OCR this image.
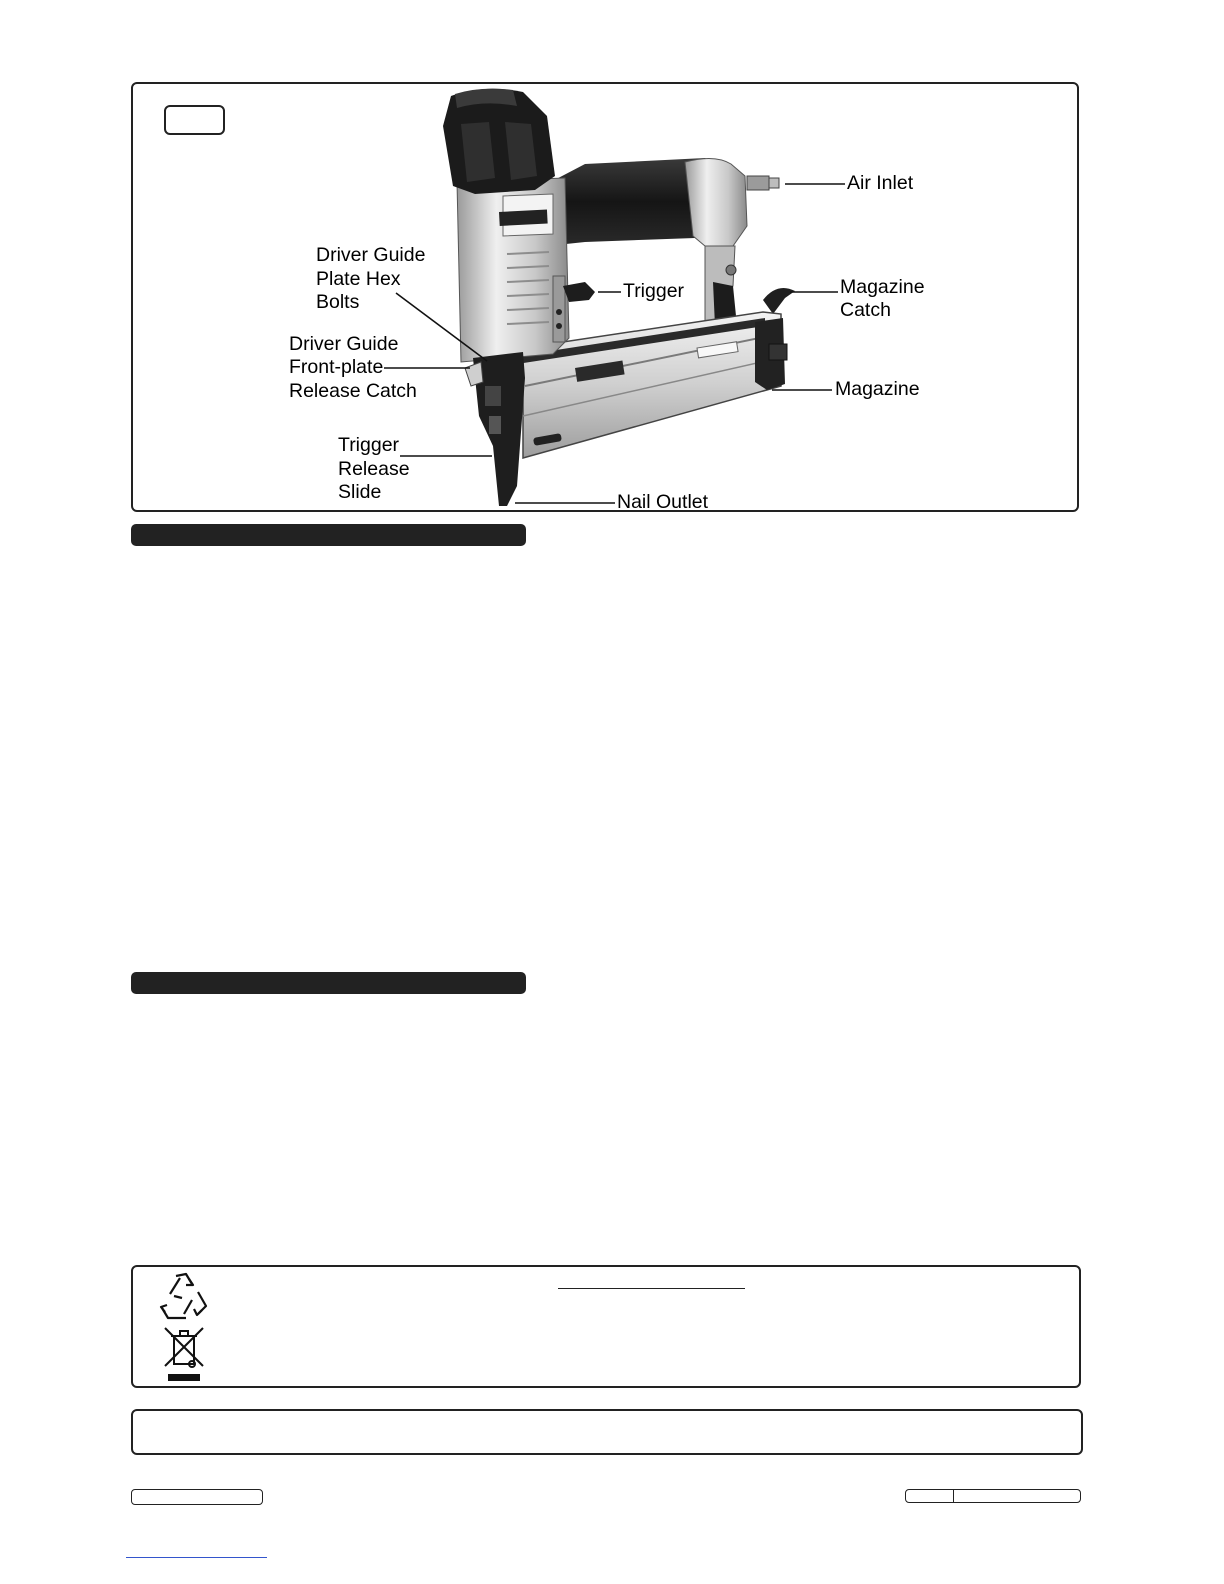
Air Inlet
Trigger	Magazine
Catch
Magazine
Nail Outlet
Driver Guide
Plate Hex
Bolts
Driver Guide
Front-plate
Release Catch
Trigger
Release
Slide
